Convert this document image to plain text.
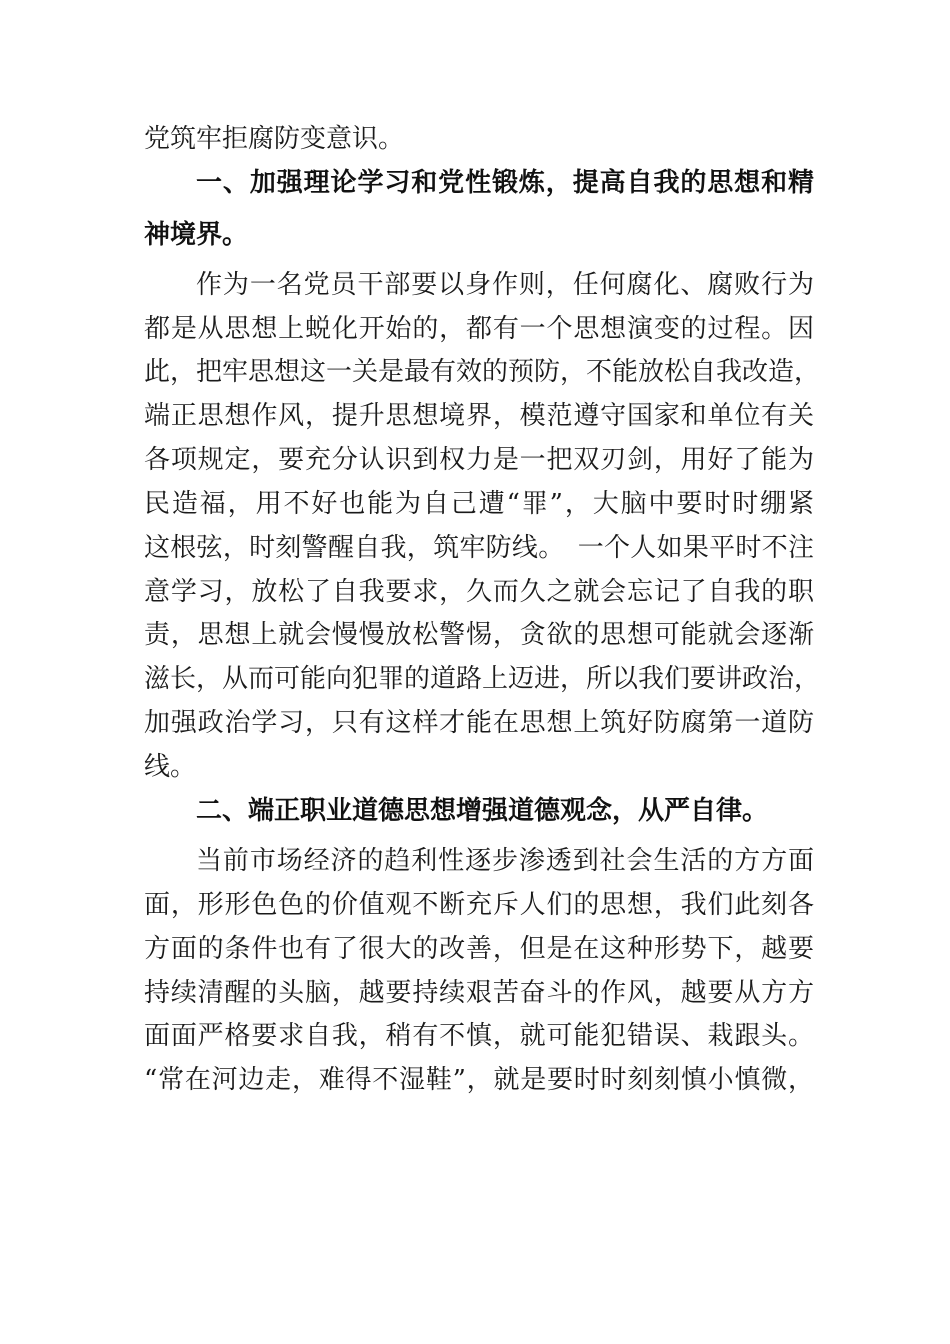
党筑牢拒腐防变意识。
一、加强理论学习和党性锻炼，提高自我的思想和精
神境界。
作为一名党员干部要以身作则，任何腐化、腐败行为
都是从思想上蜕化开始的，都有一个思想演变的过程。因
此，把牢思想这一关是最有效的预防，不能放松自我改造，
端正思想作风，提升思想境界，模范遵守国家和单位有关
各项规定，要充分认识到权力是一把双刃剑，用好了能为
民造福，用不好也能为自己遭“罪”，大脑中要时时绷紧
这根弦，时刻警醒自我，筑牢防线。　一个人如果平时不注
意学习，放松了自我要求，久而久之就会忘记了自我的职
责，思想上就会慢慢放松警惕，贪欲的思想可能就会逐渐
滋长，从而可能向犯罪的道路上迈进，所以我们要讲政治，
加强政治学习，只有这样才能在思想上筑好防腐第一道防
线。
二、端正职业道德思想增强道德观念，从严自律。
当前市场经济的趋利性逐步渗透到社会生活的方方面
面，形形色色的价值观不断充斥人们的思想，我们此刻各
方面的条件也有了很大的改善，但是在这种形势下，越要
持续清醒的头脑，越要持续艰苦奋斗的作风，越要从方方
面面严格要求自我，稍有不慎，就可能犯错误、栽跟头。
“常在河边走，难得不湿鞋”，就是要时时刻刻慎小慎微，
